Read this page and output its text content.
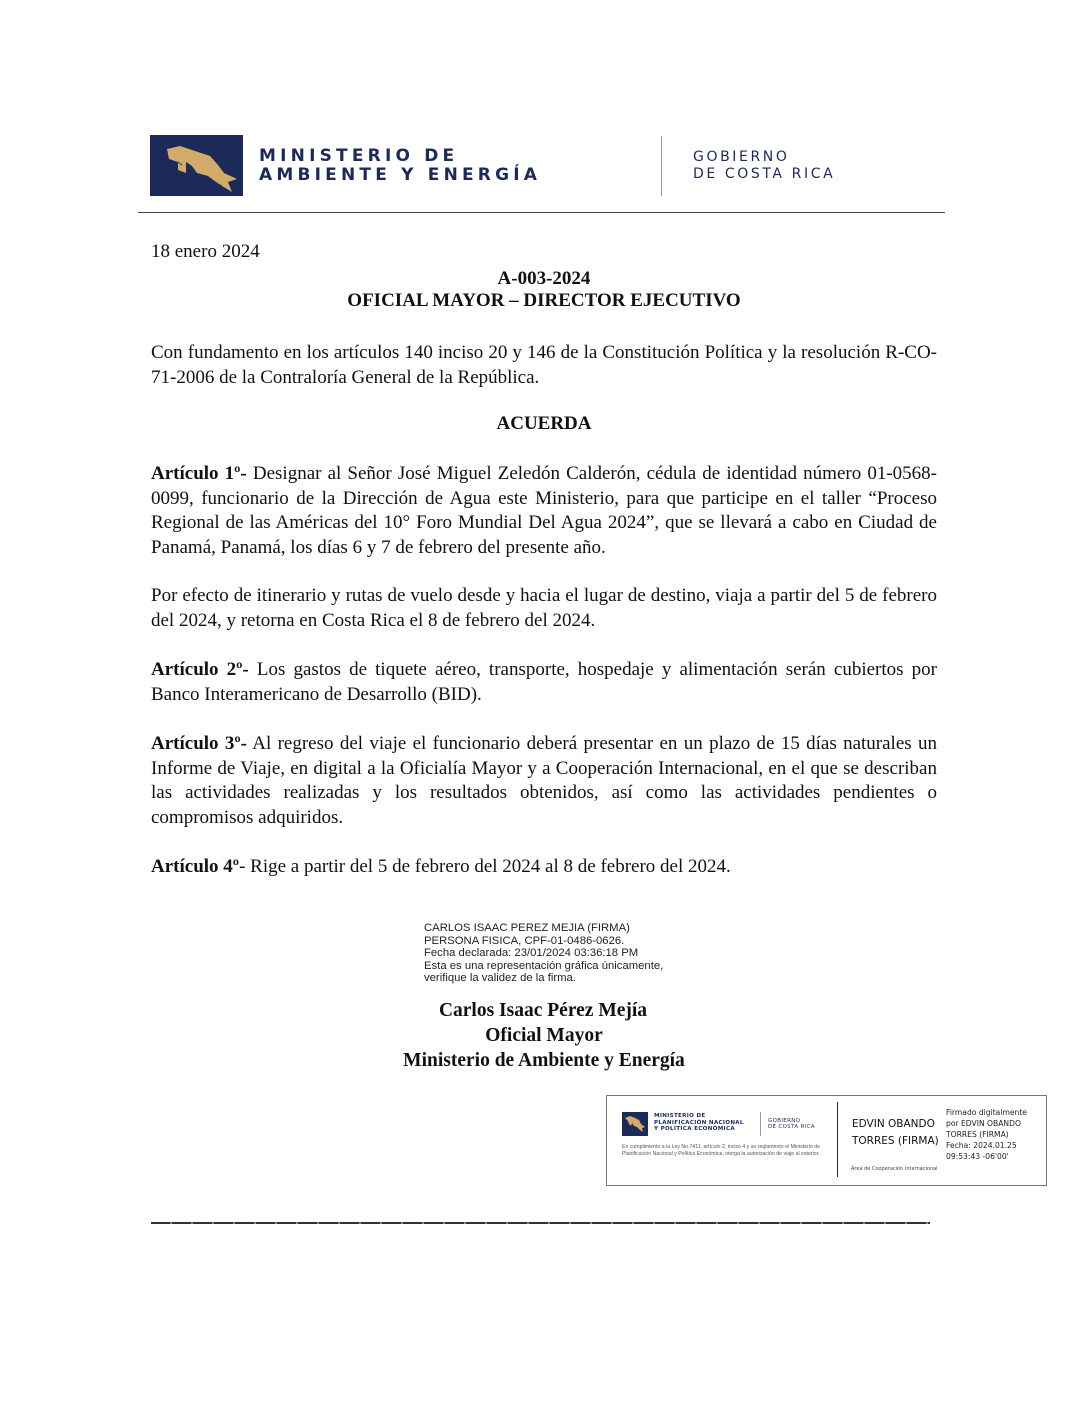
MINISTERIO DE
AMBIENTE Y ENERGÍA
GOBIERNO
DE COSTA RICA
18 enero 2024
A-003-2024
OFICIAL MAYOR – DIRECTOR EJECUTIVO
Con fundamento en los artículos 140 inciso 20 y 146 de la Constitución Política y la resolución R-CO-71-2006 de la Contraloría General de la República.
ACUERDA
Artículo 1º- Designar al Señor José Miguel Zeledón Calderón, cédula de identidad número 01-0568-0099, funcionario de la Dirección de Agua este Ministerio, para que participe en el taller “Proceso Regional de las Américas del 10° Foro Mundial Del Agua 2024”, que se llevará a cabo en Ciudad de Panamá, Panamá, los días 6 y 7 de febrero del presente año.
Por efecto de itinerario y rutas de vuelo desde y hacia el lugar de destino, viaja a partir del 5 de febrero del 2024, y retorna en Costa Rica el 8 de febrero del 2024.
Artículo 2º- Los gastos de tiquete aéreo, transporte, hospedaje y alimentación serán cubiertos por Banco Interamericano de Desarrollo (BID).
Artículo 3º- Al regreso del viaje el funcionario deberá presentar en un plazo de 15 días naturales un Informe de Viaje, en digital a la Oficialía Mayor y a Cooperación Internacional, en el que se describan las actividades realizadas y los resultados obtenidos, así como las actividades pendientes o compromisos adquiridos.
Artículo 4º- Rige a partir del 5 de febrero del 2024 al 8 de febrero del 2024.
CARLOS ISAAC PEREZ MEJIA (FIRMA)
PERSONA FISICA, CPF-01-0486-0626.
Fecha declarada: 23/01/2024 03:36:18 PM
Esta es una representación gráfica únicamente,
verifique la validez de la firma.
Carlos Isaac Pérez Mejía
Oficial Mayor
Ministerio de Ambiente y Energía
MINISTERIO DE
PLANIFICACIÓN NACIONAL
Y POLÍTICA ECONÓMICA
GOBIERNO
DE COSTA RICA
En cumplimiento a la Ley No.7411, artículo 2, inciso 4 y su reglamento el Ministerio de Planificación Nacional y Política Económica, otorga la autorización de viaje al exterior.
EDVIN OBANDO
TORRES (FIRMA)
Firmado digitalmente
por EDVIN OBANDO
TORRES (FIRMA)
Fecha: 2024.01.25
09:53:43 -06'00'
Área de Cooperación Internacional
